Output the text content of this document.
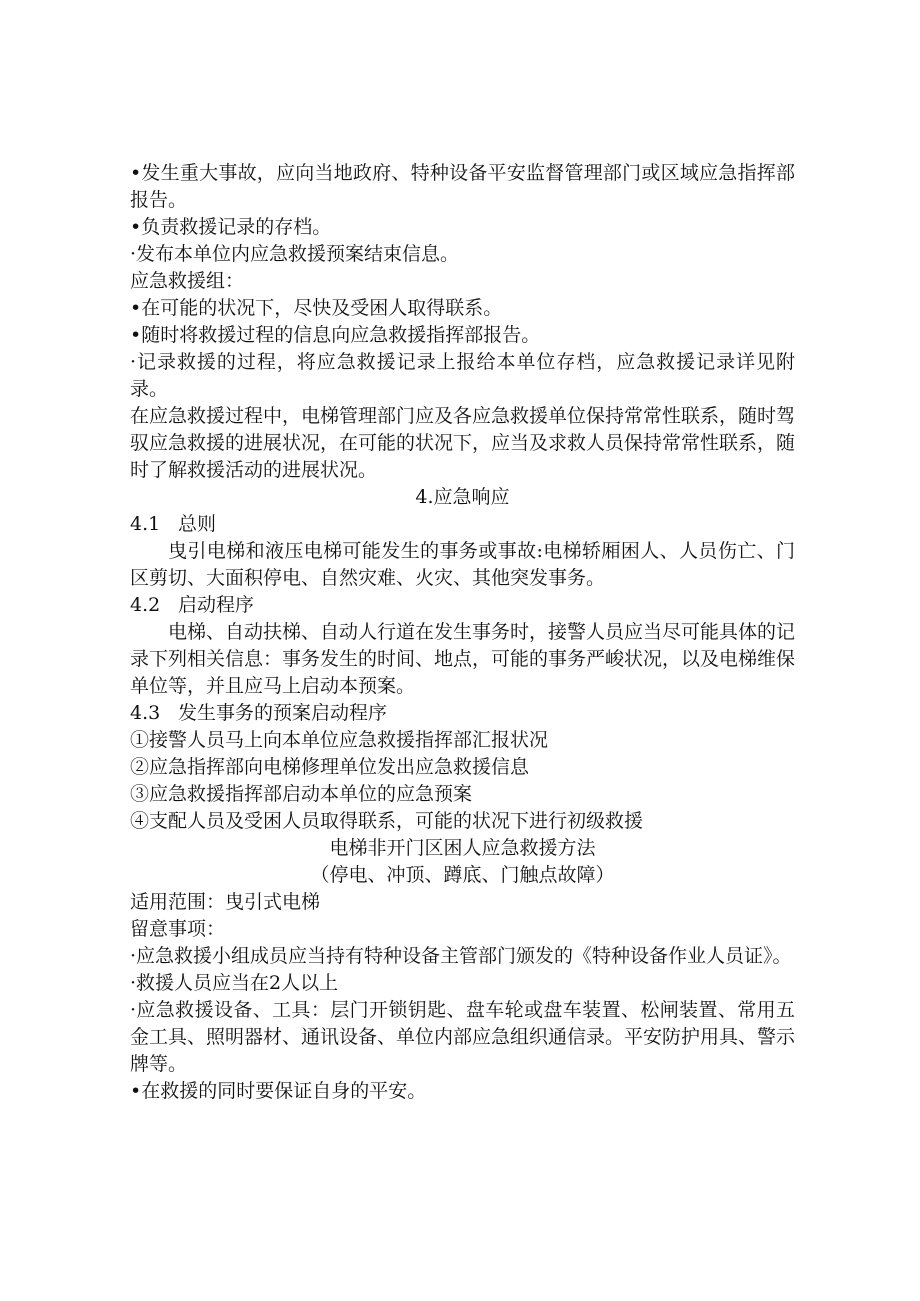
•发生重大事故，应向当地政府、特种设备平安监督管理部门或区域应急指挥部报告。

•负责救援记录的存档。

·发布本单位内应急救援预案结束信息。

应急救援组：

•在可能的状况下，尽快及受困人取得联系。

•随时将救援过程的信息向应急救援指挥部报告。

·记录救援的过程，将应急救援记录上报给本单位存档，应急救援记录详见附录。

在应急救援过程中，电梯管理部门应及各应急救援单位保持常常性联系，随时驾驭应急救援的进展状况，在可能的状况下，应当及求救人员保持常常性联系，随时了解救援活动的进展状况。

4.应急响应

4.1 总则

曳引电梯和液压电梯可能发生的事务或事故:电梯轿厢困人、人员伤亡、门区剪切、大面积停电、自然灾难、火灾、其他突发事务。

4.2 启动程序

电梯、自动扶梯、自动人行道在发生事务时，接警人员应当尽可能具体的记录下列相关信息：事务发生的时间、地点，可能的事务严峻状况，以及电梯维保单位等，并且应马上启动本预案。

4.3 发生事务的预案启动程序

①接警人员马上向本单位应急救援指挥部汇报状况

②应急指挥部向电梯修理单位发出应急救援信息

③应急救援指挥部启动本单位的应急预案

④支配人员及受困人员取得联系，可能的状况下进行初级救援

电梯非开门区困人应急救援方法

（停电、冲顶、蹲底、门触点故障）

适用范围：曳引式电梯

留意事项：

·应急救援小组成员应当持有特种设备主管部门颁发的《特种设备作业人员证》。

·救援人员应当在2人以上

·应急救援设备、工具：层门开锁钥匙、盘车轮或盘车装置、松闸装置、常用五金工具、照明器材、通讯设备、单位内部应急组织通信录。平安防护用具、警示牌等。

•在救援的同时要保证自身的平安。
